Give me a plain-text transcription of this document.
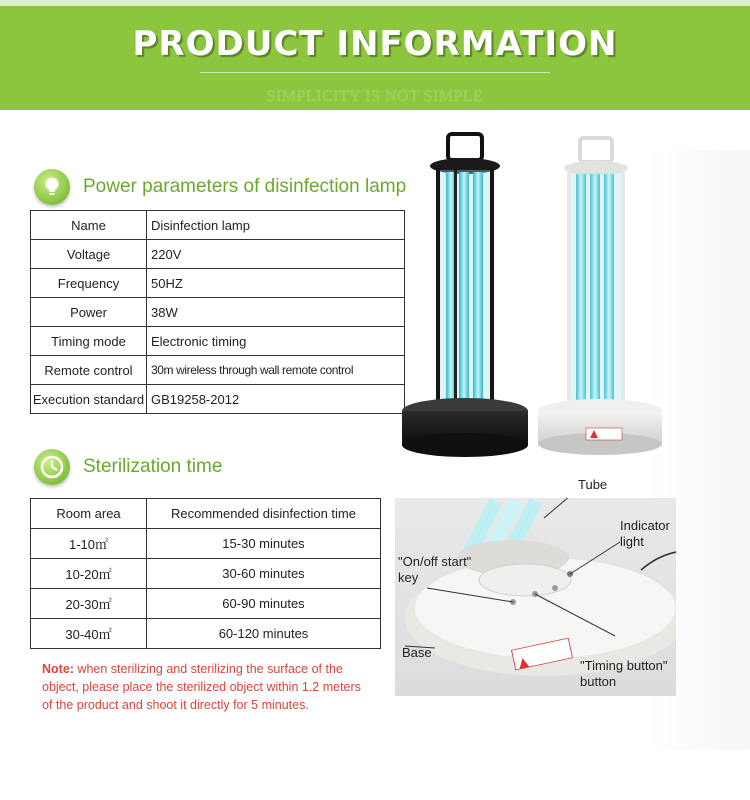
PRODUCT INFORMATION
SIMPLICITY IS NOT SIMPLE
Power parameters of disinfection lamp
Name	Disinfection lamp
Voltage	220V
Frequency	50HZ
Power	38W
Timing mode	Electronic timing
Remote control	30m wireless through wall remote control
Execution standard	GB19258-2012
Sterilization time
Room area	Recommended disinfection time
1-10㎡	15-30 minutes
10-20㎡	30-60 minutes
20-30㎡	60-90 minutes
30-40㎡	60-120 minutes
Note: when sterilizing and sterilizing the surface of the object, please place the sterilized object within 1.2 meters of the product and shoot it directly for 5 minutes.
Tube
Indicator
light
"On/off start"
key
Base
"Timing button"
button
